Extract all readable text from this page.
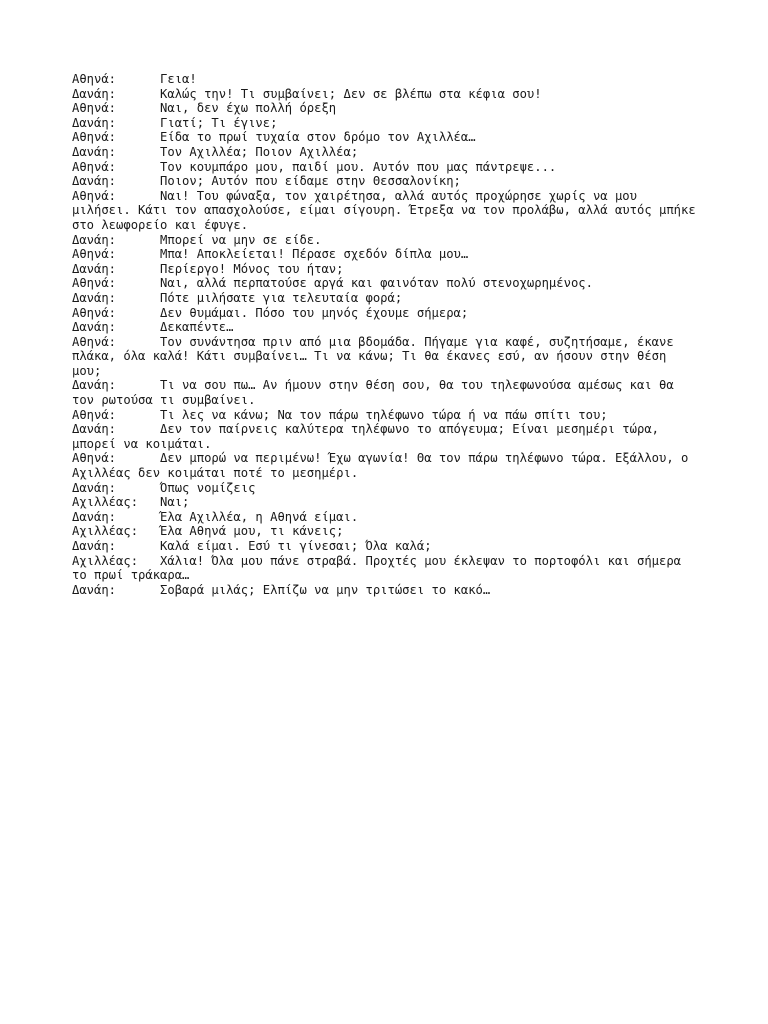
Αθηνά:      Γεια!

Δανάη:      Καλώς την! Τι συμβαίνει; Δεν σε βλέπω στα κέφια σου!

Αθηνά:      Ναι, δεν έχω πολλή όρεξη

Δανάη:      Γιατί; Τι έγινε;

Αθηνά:      Είδα το πρωί τυχαία στον δρόμο τον Αχιλλέα…

Δανάη:      Τον Αχιλλέα; Ποιον Αχιλλέα;

Αθηνά:      Τον κουμπάρο μου, παιδί μου. Αυτόν που μας πάντρεψε...

Δανάη:      Ποιον; Αυτόν που είδαμε στην Θεσσαλονίκη;

Αθηνά:      Ναι! Του φώναξα, τον χαιρέτησα, αλλά αυτός προχώρησε χωρίς να μου μιλήσει. Κάτι τον απασχολούσε, είμαι σίγουρη. Έτρεξα να τον προλάβω, αλλά αυτός μπήκε στο λεωφορείο και έφυγε.

Δανάη:      Μπορεί να μην σε είδε.

Αθηνά:      Μπα! Αποκλείεται! Πέρασε σχεδόν δίπλα μου…

Δανάη:      Περίεργο! Μόνος του ήταν;

Αθηνά:      Ναι, αλλά περπατούσε αργά και φαινόταν πολύ στενοχωρημένος.

Δανάη:      Πότε μιλήσατε για τελευταία φορά;

Αθηνά:      Δεν θυμάμαι. Πόσο του μηνός έχουμε σήμερα;

Δανάη:      Δεκαπέντε…

Αθηνά:      Τον συνάντησα πριν από μια βδομάδα. Πήγαμε για καφέ, συζητήσαμε, έκανε πλάκα, όλα καλά! Κάτι συμβαίνει… Τι να κάνω; Τι θα έκανες εσύ, αν ήσουν στην θέση μου;

Δανάη:      Τι να σου πω… Αν ήμουν στην θέση σου, θα του τηλεφωνούσα αμέσως και θα τον ρωτούσα τι συμβαίνει.

Αθηνά:      Τι λες να κάνω; Να τον πάρω τηλέφωνο τώρα ή να πάω σπίτι του;

Δανάη:      Δεν τον παίρνεις καλύτερα τηλέφωνο το απόγευμα; Είναι μεσημέρι τώρα, μπορεί να κοιμάται.

Αθηνά:      Δεν μπορώ να περιμένω! Έχω αγωνία! Θα τον πάρω τηλέφωνο τώρα. Εξάλλου, ο Αχιλλέας δεν κοιμάται ποτέ το μεσημέρι.

Δανάη:      Όπως νομίζεις

Αχιλλέας:   Ναι;

Δανάη:      Έλα Αχιλλέα, η Αθηνά είμαι.

Αχιλλέας:   Έλα Αθηνά μου, τι κάνεις;

Δανάη:      Καλά είμαι. Εσύ τι γίνεσαι; Όλα καλά;

Αχιλλέας:   Χάλια! Όλα μου πάνε στραβά. Προχτές μου έκλεψαν το πορτοφόλι και σήμερα το πρωί τράκαρα…

Δανάη:      Σοβαρά μιλάς; Ελπίζω να μην τριτώσει το κακό…
